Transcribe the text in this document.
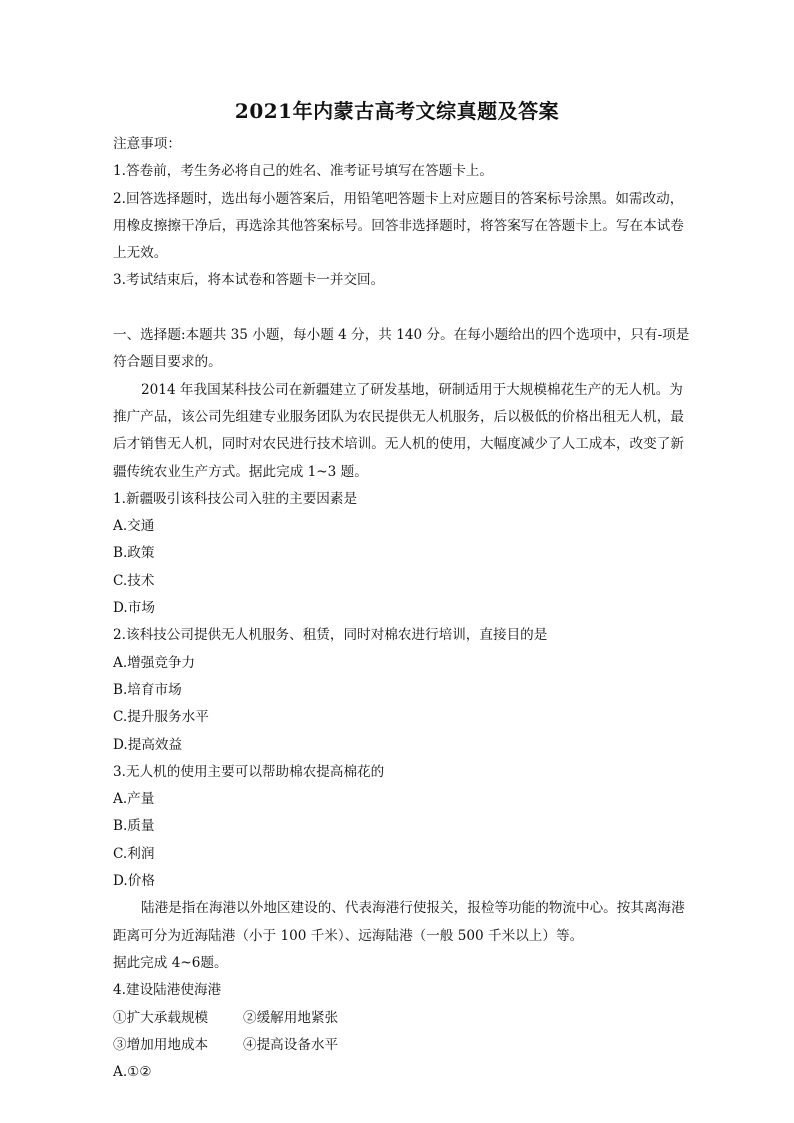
2021年内蒙古高考文综真题及答案
注意事项：
1.答卷前，考生务必将自己的姓名、准考证号填写在答题卡上。
2.回答选择题时，选出每小题答案后，用铅笔吧答题卡上对应题目的答案标号涂黑。如需改动，
用橡皮擦擦干净后，再选涂其他答案标号。回答非选择题时，将答案写在答题卡上。写在本试卷
上无效。
3.考试结束后，将本试卷和答题卡一并交回。
一、选择题:本题共 35 小题，每小题 4 分，共 140 分。在每小题给出的四个选项中，只有-项是
符合题目要求的。
2014 年我国某科技公司在新疆建立了研发基地，研制适用于大规模棉花生产的无人机。为
推广产品，该公司先组建专业服务团队为农民提供无人机服务，后以极低的价格出租无人机，最
后才销售无人机，同时对农民进行技术培训。无人机的使用，大幅度减少了人工成本，改变了新
疆传统农业生产方式。据此完成 1~3 题。
1.新疆吸引该科技公司入驻的主要因素是
A.交通
B.政策
C.技术
D.市场
2.该科技公司提供无人机服务、租赁，同时对棉农进行培训，直接目的是
A.增强竞争力
B.培育市场
C.提升服务水平
D.提高效益
3.无人机的使用主要可以帮助棉农提高棉花的
A.产量
B.质量
C.利润
D.价格
陆港是指在海港以外地区建设的、代表海港行使报关，报检等功能的物流中心。按其离海港
距离可分为近海陆港（小于 100 千米）、远海陆港（一般 500 千米以上）等。
据此完成 4~6题。
4.建设陆港使海港
①扩大承载规模	②缓解用地紧张
③增加用地成本	④提高设备水平
A.①②
